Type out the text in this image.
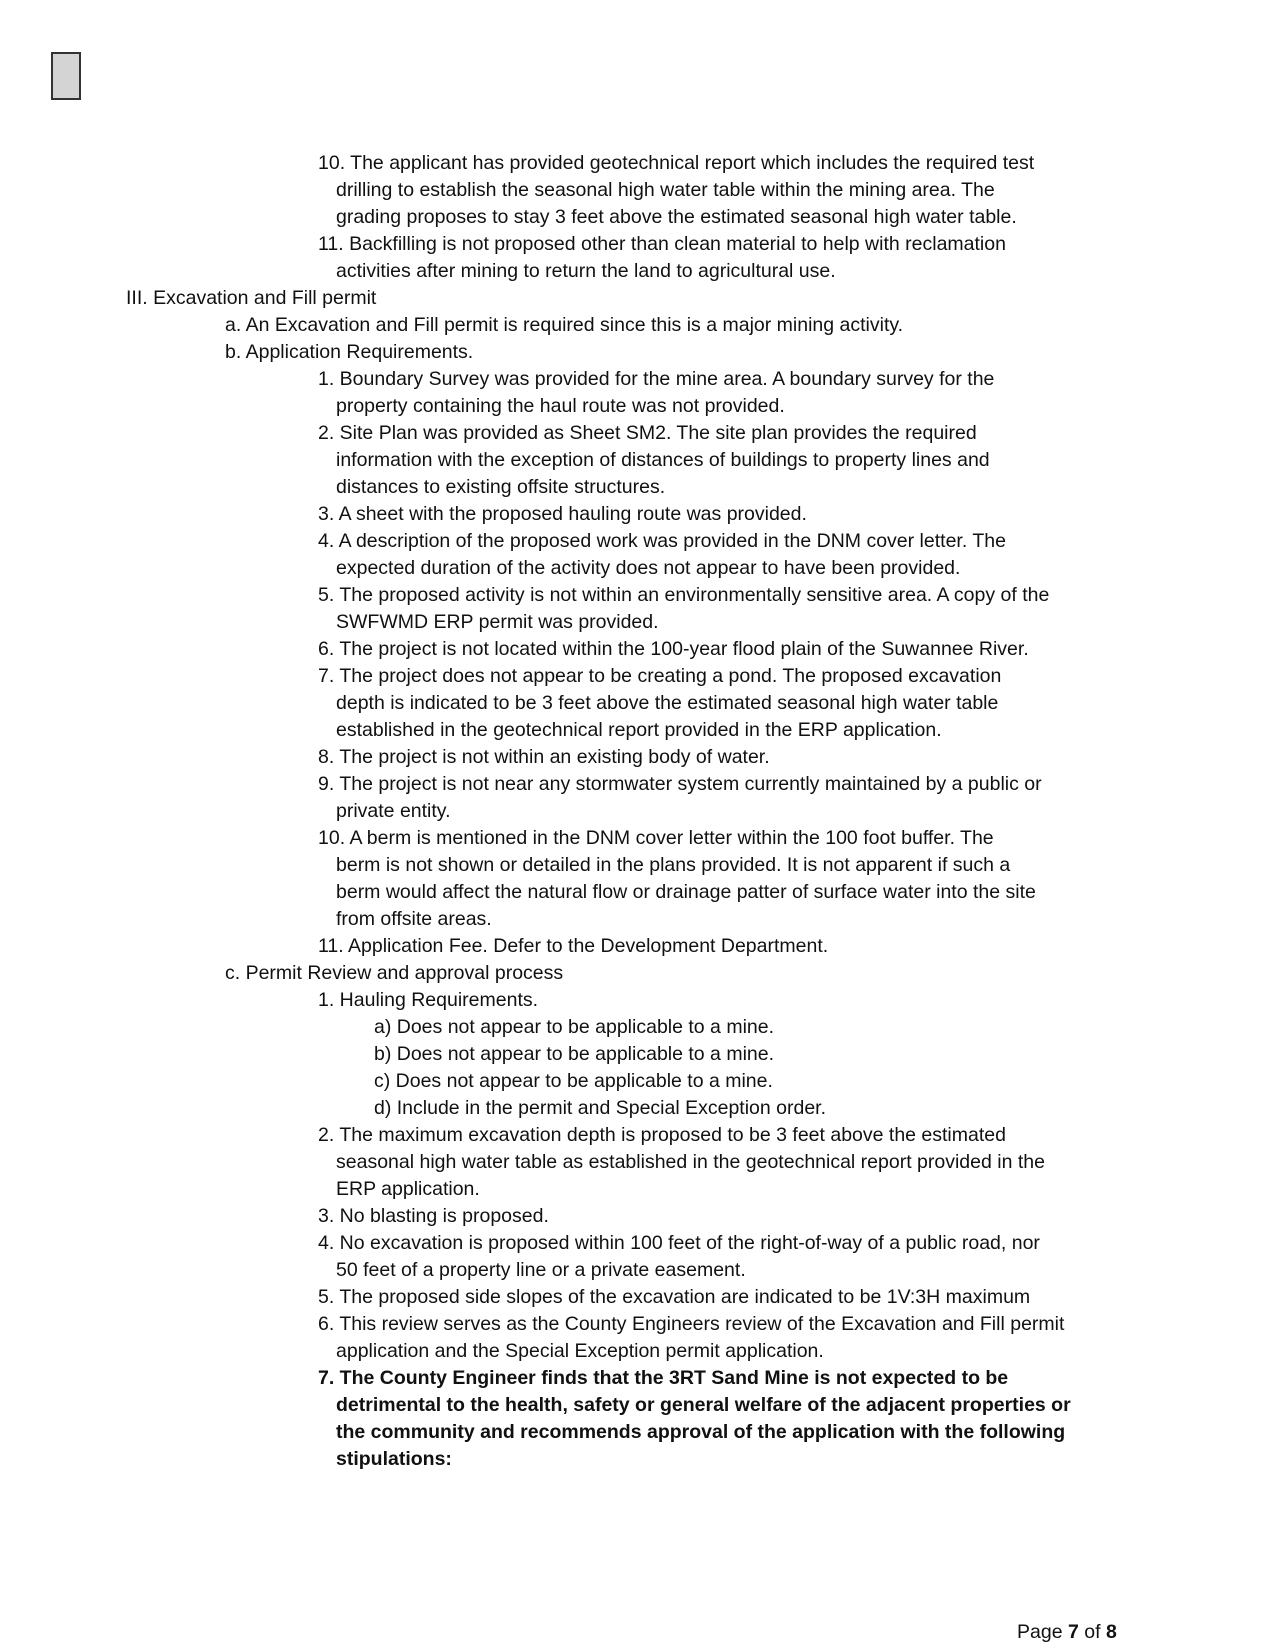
10. The applicant has provided geotechnical report which includes the required test
drilling to establish the seasonal high water table within the mining area. The
grading proposes to stay 3 feet above the estimated seasonal high water table.
11. Backfilling is not proposed other than clean material to help with reclamation
activities after mining to return the land to agricultural use.
III. Excavation and Fill permit
a. An Excavation and Fill permit is required since this is a major mining activity.
b. Application Requirements.
1. Boundary Survey was provided for the mine area. A boundary survey for the
property containing the haul route was not provided.
2. Site Plan was provided as Sheet SM2. The site plan provides the required
information with the exception of distances of buildings to property lines and
distances to existing offsite structures.
3. A sheet with the proposed hauling route was provided.
4. A description of the proposed work was provided in the DNM cover letter. The
expected duration of the activity does not appear to have been provided.
5. The proposed activity is not within an environmentally sensitive area. A copy of the
SWFWMD ERP permit was provided.
6. The project is not located within the 100-year flood plain of the Suwannee River.
7. The project does not appear to be creating a pond. The proposed excavation
depth is indicated to be 3 feet above the estimated seasonal high water table
established in the geotechnical report provided in the ERP application.
8. The project is not within an existing body of water.
9. The project is not near any stormwater system currently maintained by a public or
private entity.
10. A berm is mentioned in the DNM cover letter within the 100 foot buffer. The
berm is not shown or detailed in the plans provided. It is not apparent if such a
berm would affect the natural flow or drainage patter of surface water into the site
from offsite areas.
11. Application Fee. Defer to the Development Department.
c. Permit Review and approval process
1. Hauling Requirements.
a) Does not appear to be applicable to a mine.
b) Does not appear to be applicable to a mine.
c) Does not appear to be applicable to a mine.
d) Include in the permit and Special Exception order.
2. The maximum excavation depth is proposed to be 3 feet above the estimated
seasonal high water table as established in the geotechnical report provided in the
ERP application.
3. No blasting is proposed.
4. No excavation is proposed within 100 feet of the right-of-way of a public road, nor
50 feet of a property line or a private easement.
5. The proposed side slopes of the excavation are indicated to be 1V:3H maximum
6. This review serves as the County Engineers review of the Excavation and Fill permit
application and the Special Exception permit application.
7. The County Engineer finds that the 3RT Sand Mine is not expected to be
detrimental to the health, safety or general welfare of the adjacent properties or
the community and recommends approval of the application with the following
stipulations:
Page 7 of 8
